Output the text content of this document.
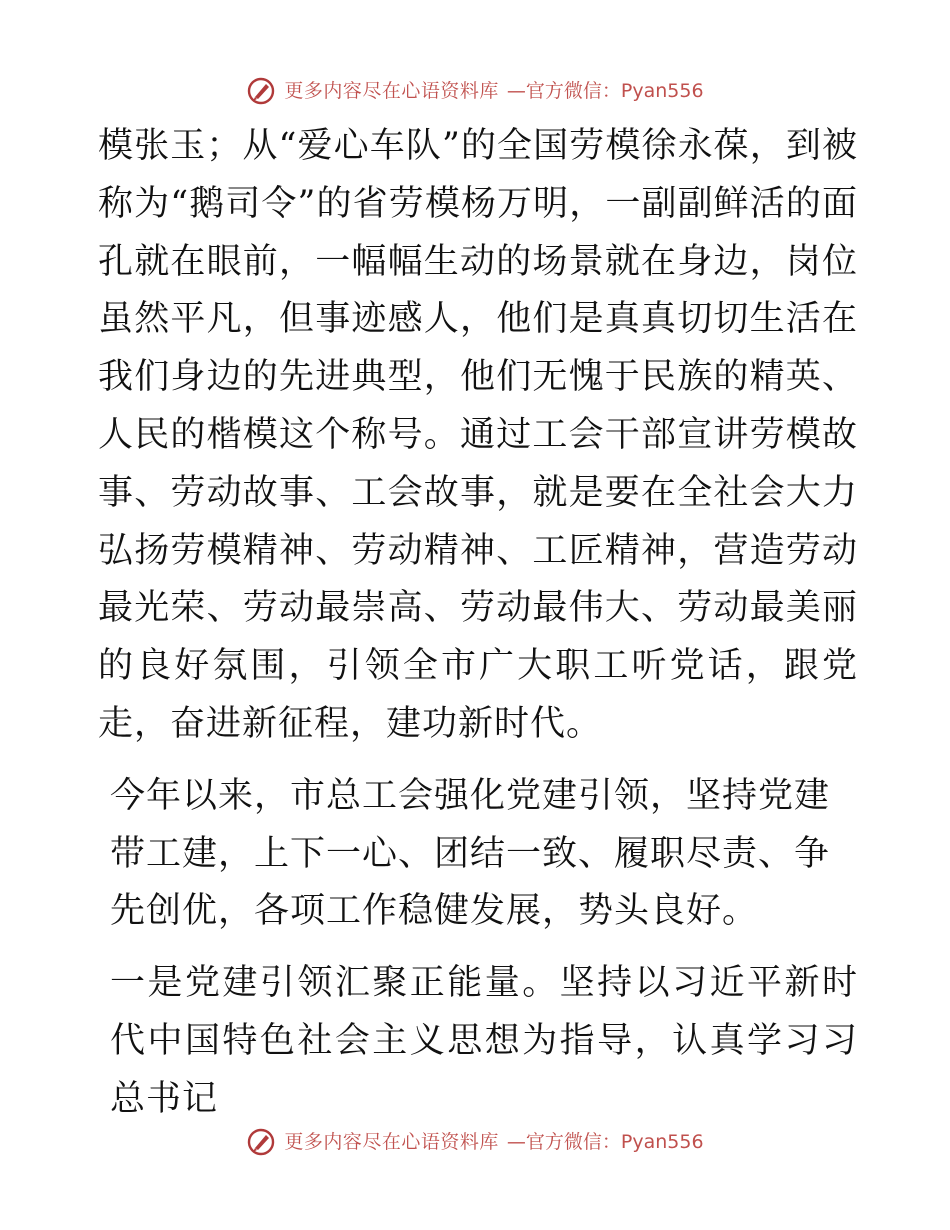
更多内容尽在心语资料库 —官方微信：Pyan556

模张玉；从“爱心车队”的全国劳模徐永葆，到被称为“鹅司令”的省劳模杨万明，一副副鲜活的面孔就在眼前，一幅幅生动的场景就在身边，岗位虽然平凡，但事迹感人，他们是真真切切生活在我们身边的先进典型，他们无愧于民族的精英、人民的楷模这个称号。通过工会干部宣讲劳模故事、劳动故事、工会故事，就是要在全社会大力弘扬劳模精神、劳动精神、工匠精神，营造劳动最光荣、劳动最崇高、劳动最伟大、劳动最美丽的良好氛围，引领全市广大职工听党话，跟党走，奋进新征程，建功新时代。

今年以来，市总工会强化党建引领，坚持党建带工建，上下一心、团结一致、履职尽责、争先创优，各项工作稳健发展，势头良好。

一是党建引领汇聚正能量。坚持以习近平新时代中国特色社会主义思想为指导，认真学习习总书记

更多内容尽在心语资料库 —官方微信：Pyan556
